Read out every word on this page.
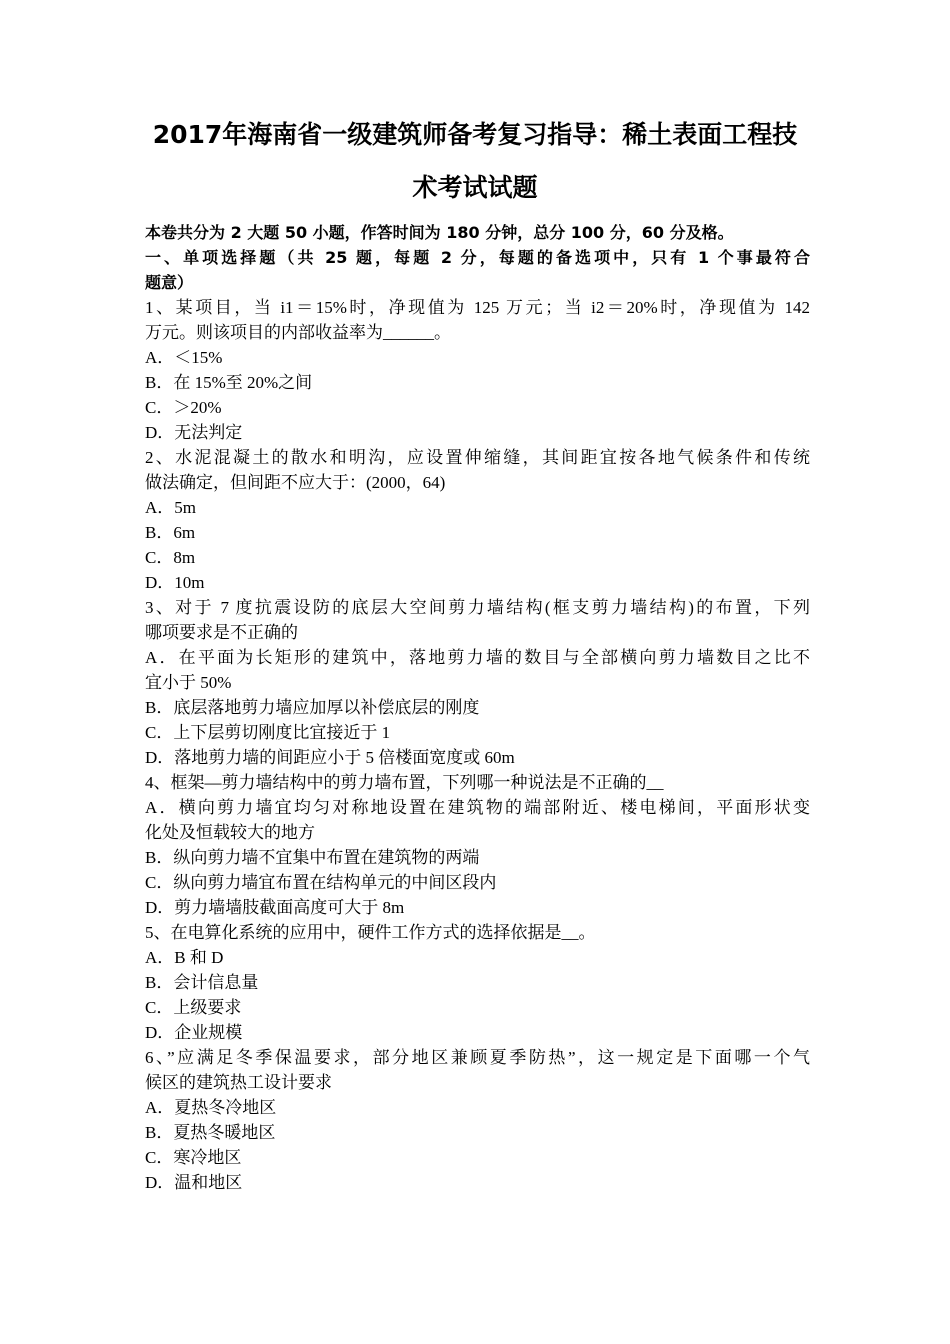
2017年海南省一级建筑师备考复习指导：稀土表面工程技
术考试试题
本卷共分为 2 大题 50 小题，作答时间为 180 分钟，总分 100 分，60 分及格。
一、单项选择题（共 25 题，每题 2 分，每题的备选项中，只有 1 个事最符合
题意）
1、某项目，当 i1＝15%时，净现值为 125 万元；当 i2＝20%时，净现值为 142
万元。则该项目的内部收益率为______。
A．＜15%
B．在 15%至 20%之间
C．＞20%
D．无法判定
2、水泥混凝土的散水和明沟，应设置伸缩缝，其间距宜按各地气候条件和传统
做法确定，但间距不应大于：(2000，64)
A．5m
B．6m
C．8m
D．10m
3、对于 7 度抗震设防的底层大空间剪力墙结构(框支剪力墙结构)的布置，下列
哪项要求是不正确的
A．在平面为长矩形的建筑中，落地剪力墙的数目与全部横向剪力墙数目之比不
宜小于 50%
B．底层落地剪力墙应加厚以补偿底层的刚度
C．上下层剪切刚度比宜接近于 1
D．落地剪力墙的间距应小于 5 倍楼面宽度或 60m
4、框架—剪力墙结构中的剪力墙布置，下列哪一种说法是不正确的__
A．横向剪力墙宜均匀对称地设置在建筑物的端部附近、楼电梯间，平面形状变
化处及恒载较大的地方
B．纵向剪力墙不宜集中布置在建筑物的两端
C．纵向剪力墙宜布置在结构单元的中间区段内
D．剪力墙墙肢截面高度可大于 8m
5、在电算化系统的应用中，硬件工作方式的选择依据是__。
A．B 和 D
B．会计信息量
C．上级要求
D．企业规模
6、”应满足冬季保温要求，部分地区兼顾夏季防热”，这一规定是下面哪一个气
候区的建筑热工设计要求
A．夏热冬冷地区
B．夏热冬暖地区
C．寒冷地区
D．温和地区
